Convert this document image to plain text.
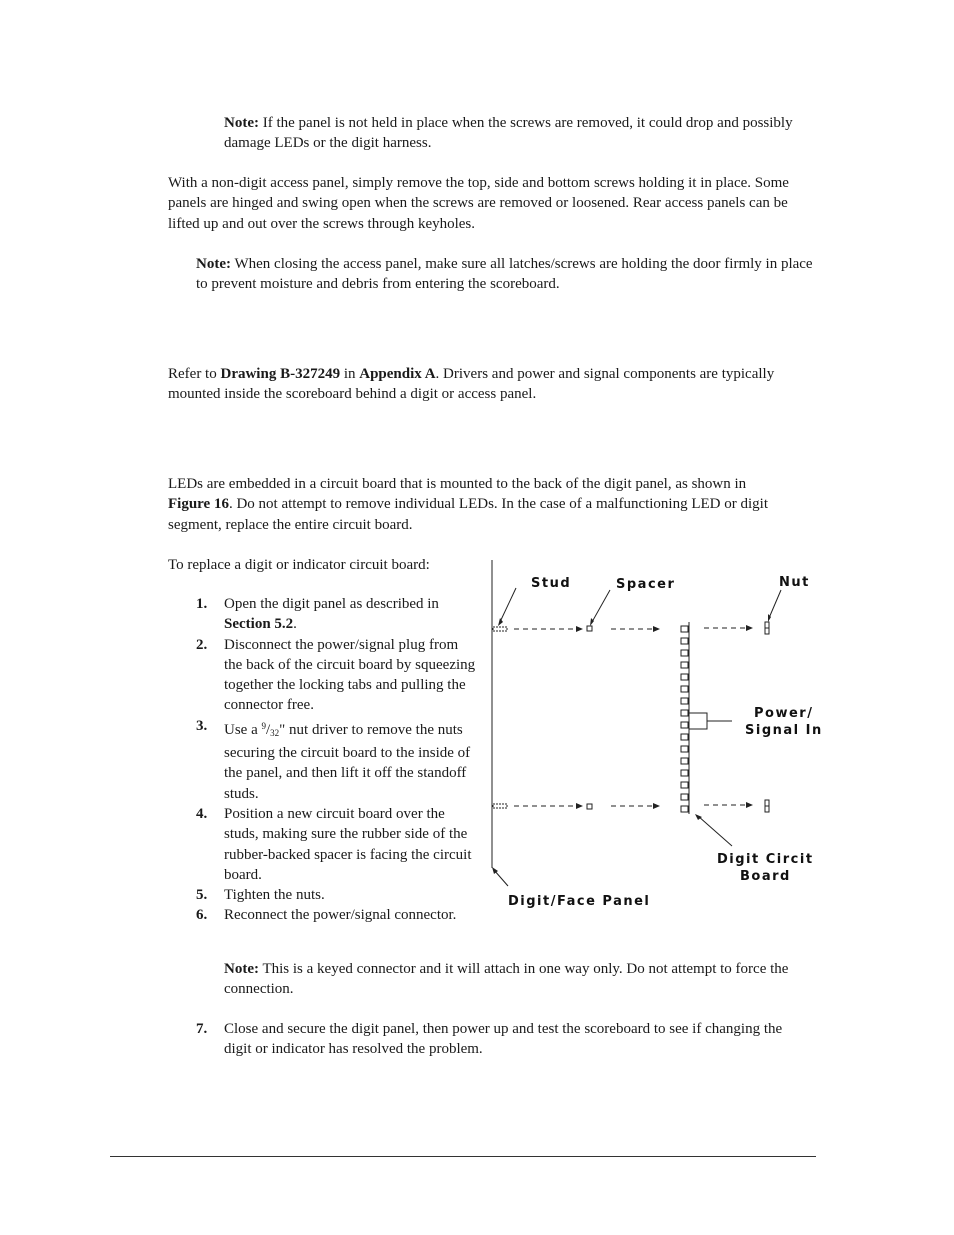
Note: If the panel is not held in place when the screws are removed, it could drop and possibly damage LEDs or the digit harness.

With a non-digit access panel, simply remove the top, side and bottom screws holding it in place. Some panels are hinged and swing open when the screws are removed or loosened. Rear access panels can be lifted up and out over the screws through keyholes.

Note: When closing the access panel, make sure all latches/screws are holding the door firmly in place to prevent moisture and debris from entering the scoreboard.

Refer to Drawing B-327249 in Appendix A. Drivers and power and signal components are typically mounted inside the scoreboard behind a digit or access panel.

LEDs are embedded in a circuit board that is mounted to the back of the digit panel, as shown in Figure 16. Do not attempt to remove individual LEDs. In the case of a malfunctioning LED or digit segment, replace the entire circuit board.

To replace a digit or indicator circuit board:

1. Open the digit panel as described in Section 5.2.
2. Disconnect the power/signal plug from the back of the circuit board by squeezing together the locking tabs and pulling the connector free.
3. Use a $^9/_{32}$" nut driver to remove the nuts securing the circuit board to the inside of the panel, and then lift it off the standoff studs.
4. Position a new circuit board over the studs, making sure the rubber side of the rubber-backed spacer is facing the circuit board.
5. Tighten the nuts.
6. Reconnect the power/signal connector.

Note: This is a keyed connector and it will attach in one way only. Do not attempt to force the connection.

7. Close and secure the digit panel, then power up and test the scoreboard to see if changing the digit or indicator has resolved the problem.

Stud	Spacer	Nut
Power/
Signal In
Digit Circit
Board
Digit/Face Panel
